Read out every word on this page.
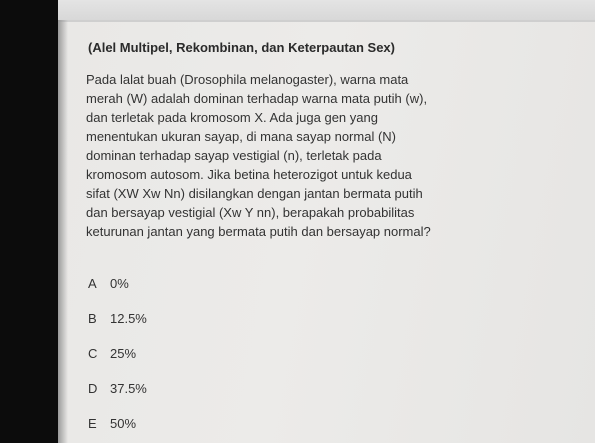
(Alel Multipel, Rekombinan, dan Keterpautan Sex)
Pada lalat buah (Drosophila melanogaster), warna mata
merah (W) adalah dominan terhadap warna mata putih (w),
dan terletak pada kromosom X. Ada juga gen yang
menentukan ukuran sayap, di mana sayap normal (N)
dominan terhadap sayap vestigial (n), terletak pada
kromosom autosom. Jika betina heterozigot untuk kedua
sifat (XW Xw Nn) disilangkan dengan jantan bermata putih
dan bersayap vestigial (Xw Y nn), berapakah probabilitas
keturunan jantan yang bermata putih dan bersayap normal?
A 0%
B 12.5%
C 25%
D 37.5%
E 50%
